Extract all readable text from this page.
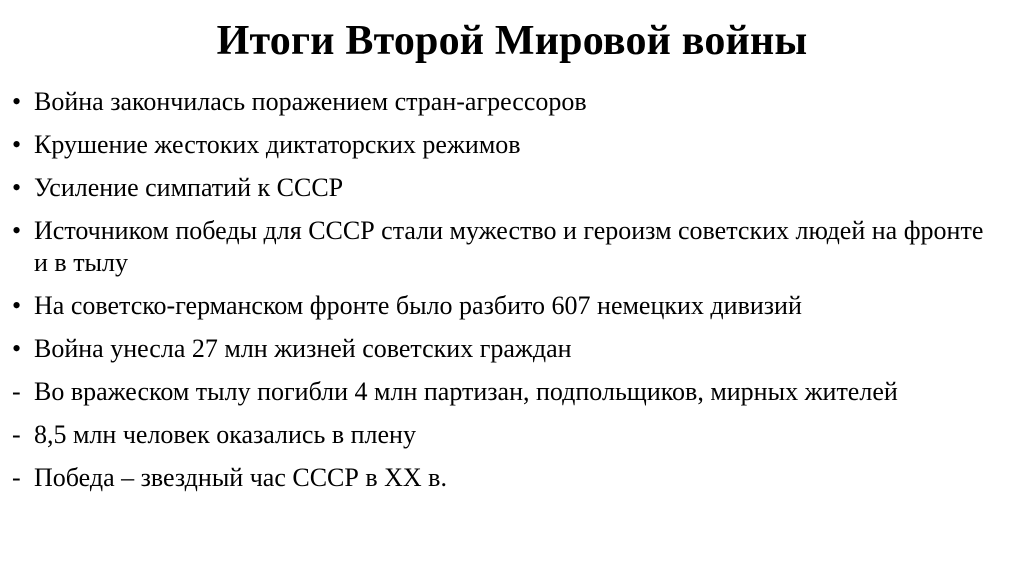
Итоги Второй Мировой войны
• Война закончилась поражением стран-агрессоров
• Крушение жестоких диктаторских режимов
• Усиление симпатий к СССР
• Источником победы для СССР стали мужество и героизм советских людей на фронте и в тылу
• На советско-германском фронте было разбито 607 немецких дивизий
• Война унесла 27 млн жизней советских граждан
- Во вражеском тылу погибли 4 млн партизан, подпольщиков, мирных жителей
- 8,5 млн человек оказались в плену
- Победа – звездный час СССР в XX в.
